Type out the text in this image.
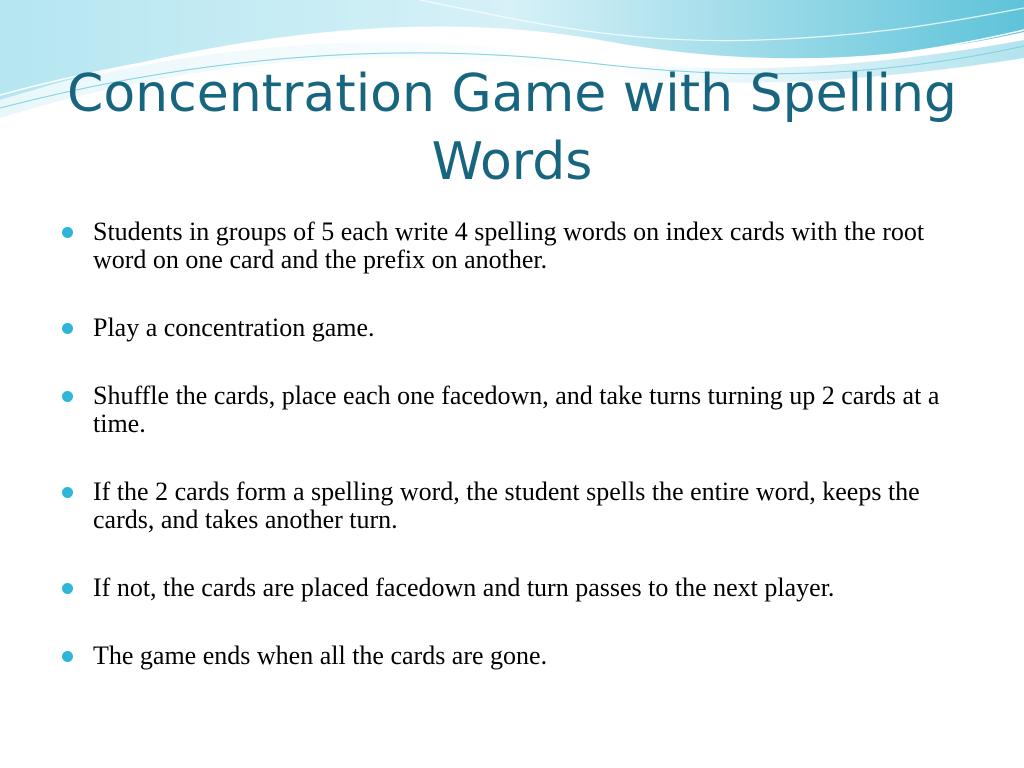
Concentration Game with Spelling Words
Students in groups of 5 each write 4 spelling words on index cards with the root word on one card and the prefix on another.
Play a concentration game.
Shuffle the cards, place each one facedown, and take turns turning up 2 cards at a time.
If the 2 cards form a spelling word, the student spells the entire word, keeps the cards, and takes another turn.
If not, the cards are placed facedown and turn passes to the next player.
The game ends when all the cards are gone.
